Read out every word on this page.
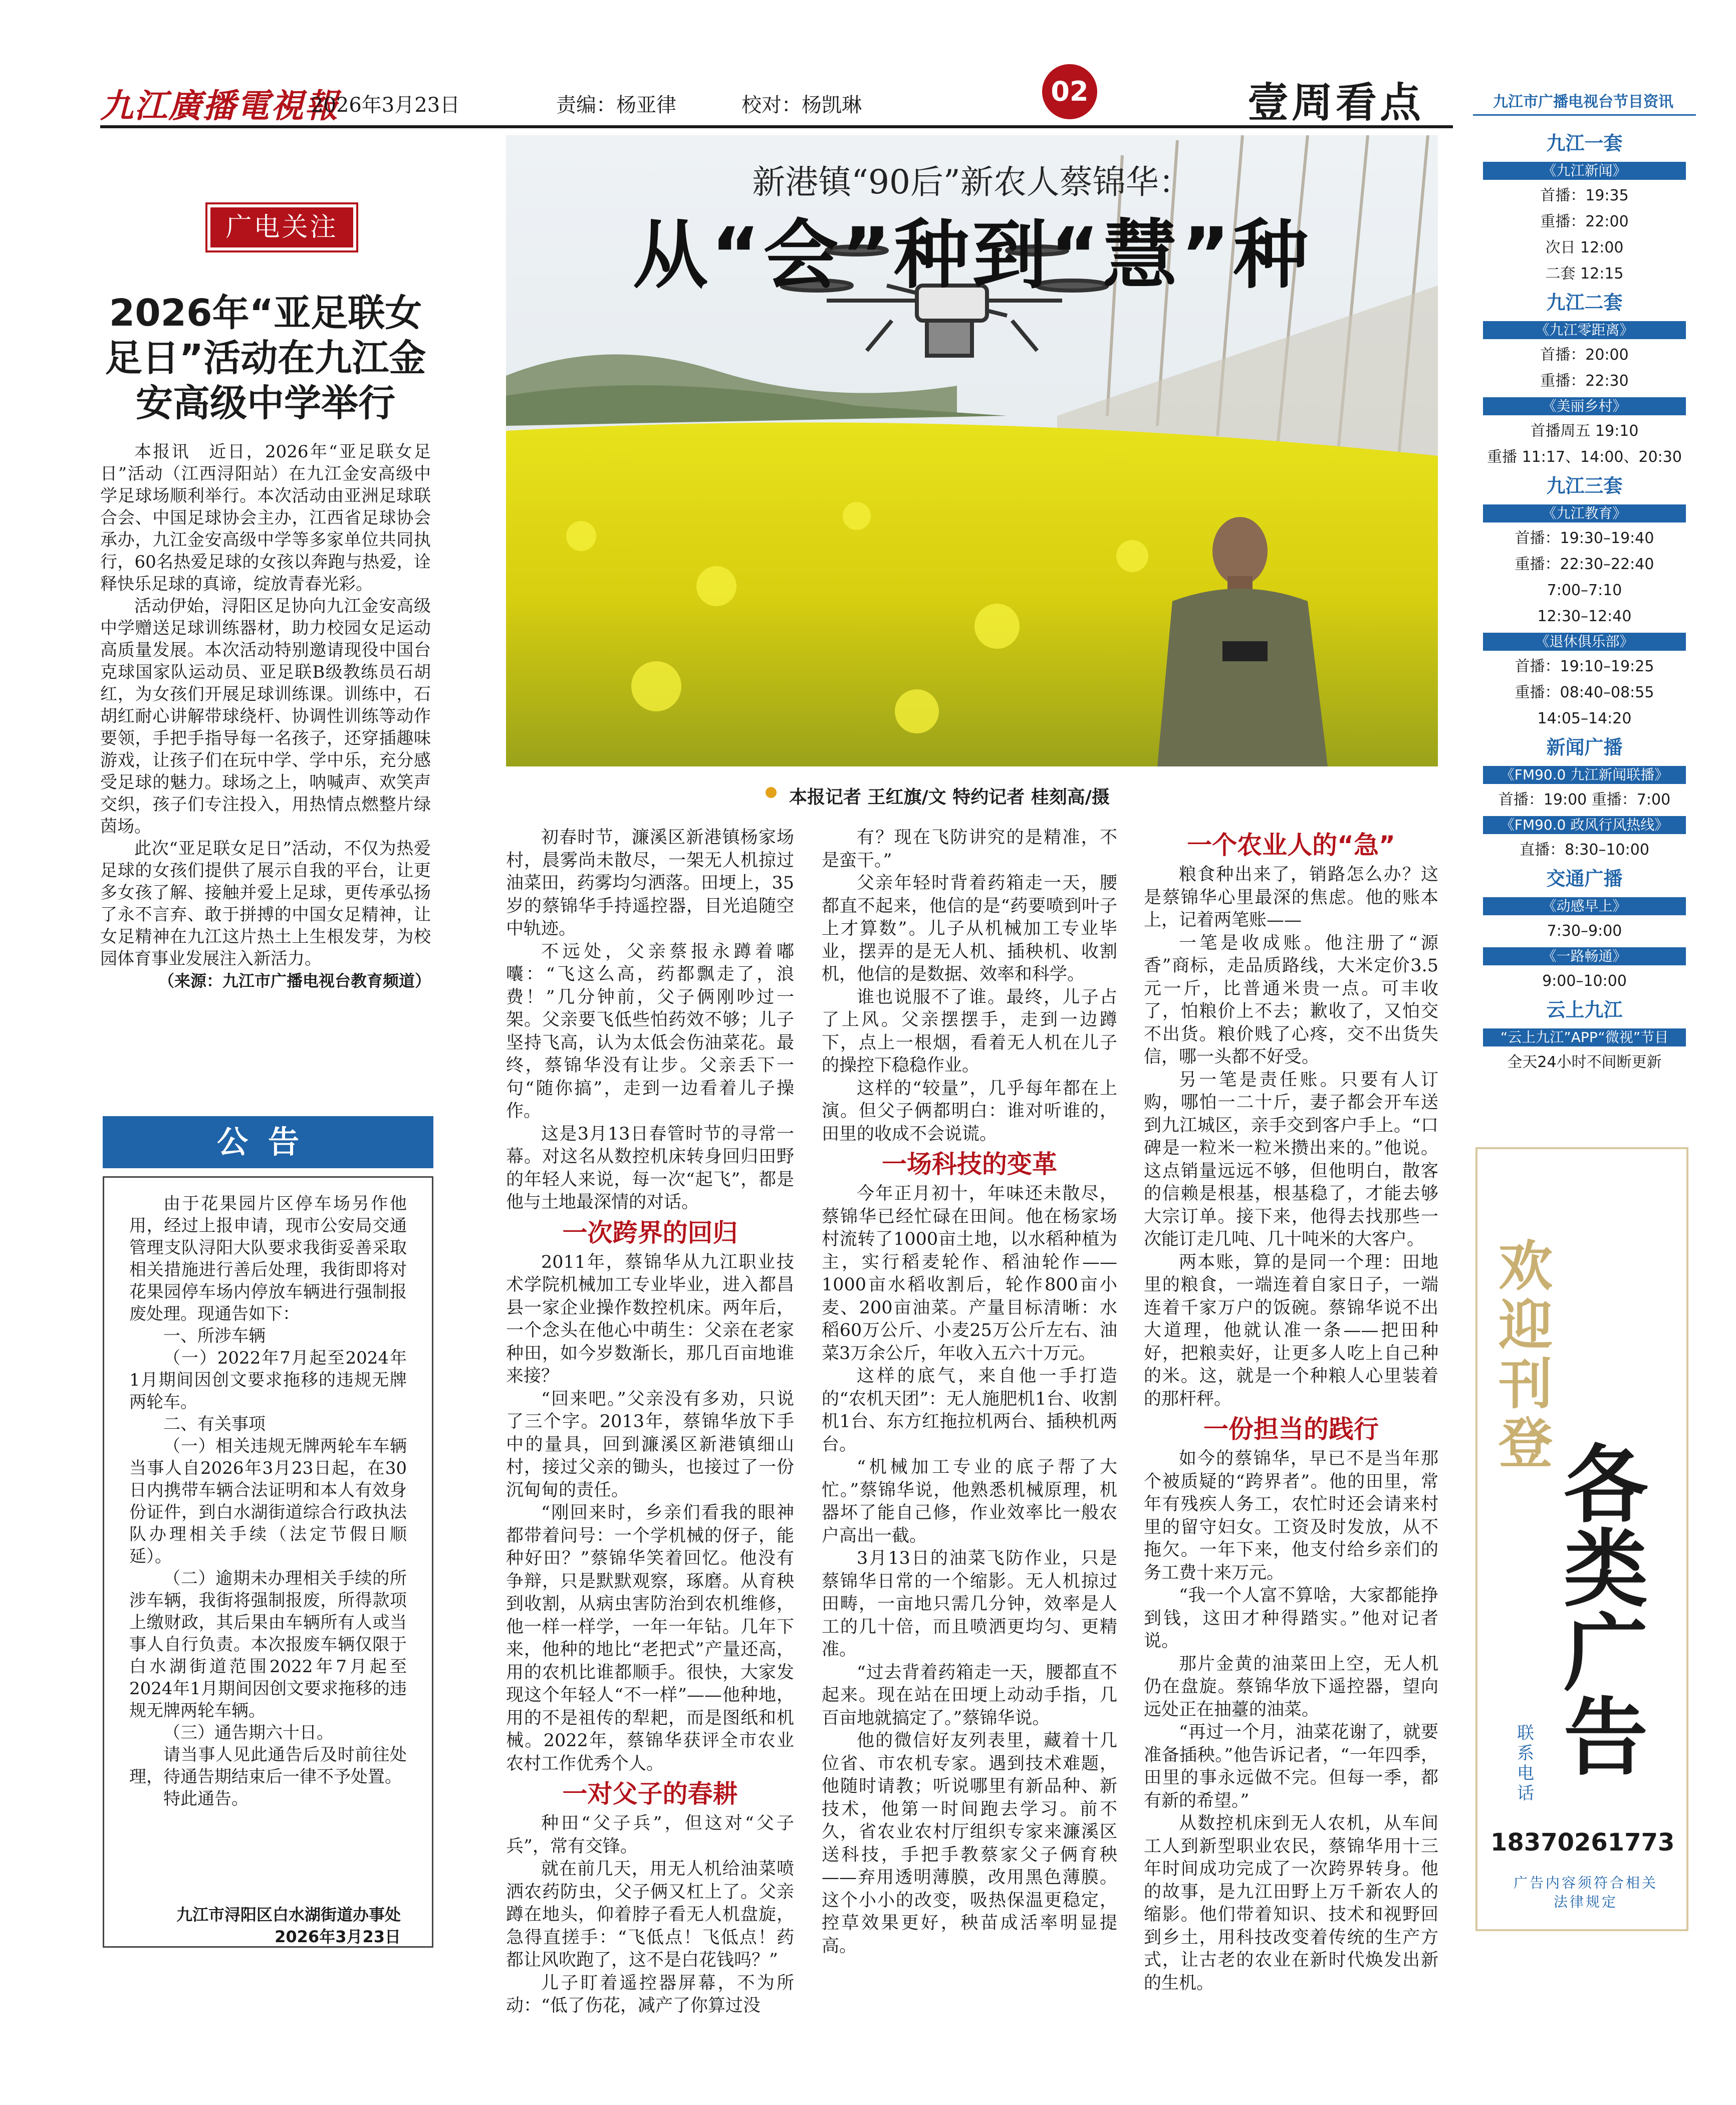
九江廣播電視報
2026年3月23日	责编：杨亚律	校对：杨凯琳	02	壹周看点
广电关注
2026年“亚足联女足日”活动在九江金安高级中学举行

本报讯　近日，2026年“亚足联女足日”活动（江西浔阳站）在九江金安高级中学足球场顺利举行。本次活动由亚洲足球联合会、中国足球协会主办，江西省足球协会承办，九江金安高级中学等多家单位共同执行，60名热爱足球的女孩以奔跑与热爱，诠释快乐足球的真谛，绽放青春光彩。

活动伊始，浔阳区足协向九江金安高级中学赠送足球训练器材，助力校园女足运动高质量发展。本次活动特别邀请现役中国台克球国家队运动员、亚足联B级教练员石胡红，为女孩们开展足球训练课。训练中，石胡红耐心讲解带球绕杆、协调性训练等动作要领，手把手指导每一名孩子，还穿插趣味游戏，让孩子们在玩中学、学中乐，充分感受足球的魅力。球场之上，呐喊声、欢笑声交织，孩子们专注投入，用热情点燃整片绿茵场。

此次“亚足联女足日”活动，不仅为热爱足球的女孩们提供了展示自我的平台，让更多女孩了解、接触并爱上足球，更传承弘扬了永不言弃、敢于拼搏的中国女足精神，让女足精神在九江这片热土上生根发芽，为校园体育事业发展注入新活力。

（来源：九江市广播电视台教育频道）

公告

由于花果园片区停车场另作他用，经过上报申请，现市公安局交通管理支队浔阳大队要求我街妥善采取相关措施进行善后处理，我街即将对花果园停车场内停放车辆进行强制报废处理。现通告如下：

一、所涉车辆

（一）2022年7月起至2024年1月期间因创文要求拖移的违规无牌两轮车。

二、有关事项

（一）相关违规无牌两轮车车辆当事人自2026年3月23日起，在30日内携带车辆合法证明和本人有效身份证件，到白水湖街道综合行政执法队办理相关手续（法定节假日顺延）。

（二）逾期未办理相关手续的所涉车辆，我街将强制报废，所得款项上缴财政，其后果由车辆所有人或当事人自行负责。本次报废车辆仅限于白水湖街道范围2022年7月起至2024年1月期间因创文要求拖移的违规无牌两轮车辆。

（三）通告期六十日。

请当事人见此通告后及时前往处理，待通告期结束后一律不予处置。

特此通告。

九江市浔阳区白水湖街道办事处
2026年3月23日
新港镇“90后”新农人蔡锦华：
从“会”种到“慧”种
本报记者 王红旗/文 特约记者 桂刻高/摄

初春时节，濂溪区新港镇杨家场村，晨雾尚未散尽，一架无人机掠过油菜田，药雾均匀洒落。田埂上，35岁的蔡锦华手持遥控器，目光追随空中轨迹。

不远处，父亲蔡报永蹲着嘟囔：“飞这么高，药都飘走了，浪费！”几分钟前，父子俩刚吵过一架。父亲要飞低些怕药效不够；儿子坚持飞高，认为太低会伤油菜花。最终，蔡锦华没有让步。父亲丢下一句“随你搞”，走到一边看着儿子操作。

这是3月13日春管时节的寻常一幕。对这名从数控机床转身回归田野的年轻人来说，每一次“起飞”，都是他与土地最深情的对话。

一次跨界的回归

2011年，蔡锦华从九江职业技术学院机械加工专业毕业，进入都昌县一家企业操作数控机床。两年后，一个念头在他心中萌生：父亲在老家种田，如今岁数渐长，那几百亩地谁来接？

“回来吧。”父亲没有多劝，只说了三个字。2013年，蔡锦华放下手中的量具，回到濂溪区新港镇细山村，接过父亲的锄头，也接过了一份沉甸甸的责任。

“刚回来时，乡亲们看我的眼神都带着问号：一个学机械的伢子，能种好田？”蔡锦华笑着回忆。他没有争辩，只是默默观察，琢磨。从育秧到收割，从病虫害防治到农机维修，他一样一样学，一年一年钻。几年下来，他种的地比“老把式”产量还高，用的农机比谁都顺手。很快，大家发现这个年轻人“不一样”——他种地，用的不是祖传的犁耙，而是图纸和机械。2022年，蔡锦华获评全市农业农村工作优秀个人。

一对父子的春耕

种田“父子兵”，但这对“父子兵”，常有交锋。

就在前几天，用无人机给油菜喷洒农药防虫，父子俩又杠上了。父亲蹲在地头，仰着脖子看无人机盘旋，急得直搓手：“飞低点！飞低点！药都让风吹跑了，这不是白花钱吗？”

儿子盯着遥控器屏幕，不为所动：“低了伤花，减产了你算过没

有？现在飞防讲究的是精准，不是蛮干。”

父亲年轻时背着药箱走一天，腰都直不起来，他信的是“药要喷到叶子上才算数”。儿子从机械加工专业毕业，摆弄的是无人机、插秧机、收割机，他信的是数据、效率和科学。

谁也说服不了谁。最终，儿子占了上风。父亲摆摆手，走到一边蹲下，点上一根烟，看着无人机在儿子的操控下稳稳作业。

这样的“较量”，几乎每年都在上演。但父子俩都明白：谁对听谁的，田里的收成不会说谎。

一场科技的变革

今年正月初十，年味还未散尽，蔡锦华已经忙碌在田间。他在杨家场村流转了1000亩土地，以水稻种植为主，实行稻麦轮作、稻油轮作——1000亩水稻收割后，轮作800亩小麦、200亩油菜。产量目标清晰：水稻60万公斤、小麦25万公斤左右、油菜3万余公斤，年收入五六十万元。

这样的底气，来自他一手打造的“农机天团”：无人施肥机1台、收割机1台、东方红拖拉机两台、插秧机两台。

“机械加工专业的底子帮了大忙。”蔡锦华说，他熟悉机械原理，机器坏了能自己修，作业效率比一般农户高出一截。

3月13日的油菜飞防作业，只是蔡锦华日常的一个缩影。无人机掠过田畴，一亩地只需几分钟，效率是人工的几十倍，而且喷洒更均匀、更精准。

“过去背着药箱走一天，腰都直不起来。现在站在田埂上动动手指，几百亩地就搞定了。”蔡锦华说。

他的微信好友列表里，藏着十几位省、市农机专家。遇到技术难题，他随时请教；听说哪里有新品种、新技术，他第一时间跑去学习。前不久，省农业农村厅组织专家来濂溪区送科技，手把手教蔡家父子俩育秧——弃用透明薄膜，改用黑色薄膜。这个小小的改变，吸热保温更稳定，控草效果更好，秧苗成活率明显提高。

一个农业人的“急”

粮食种出来了，销路怎么办？这是蔡锦华心里最深的焦虑。他的账本上，记着两笔账——

一笔是收成账。他注册了“源香”商标，走品质路线，大米定价3.5元一斤，比普通米贵一点。可丰收了，怕粮价上不去；歉收了，又怕交不出货。粮价贱了心疼，交不出货失信，哪一头都不好受。

另一笔是责任账。只要有人订购，哪怕一二十斤，妻子都会开车送到九江城区，亲手交到客户手上。“口碑是一粒米一粒米攒出来的。”他说。这点销量远远不够，但他明白，散客的信赖是根基，根基稳了，才能去够大宗订单。接下来，他得去找那些一次能订走几吨、几十吨米的大客户。

两本账，算的是同一个理：田地里的粮食，一端连着自家日子，一端连着千家万户的饭碗。蔡锦华说不出大道理，他就认准一条——把田种好，把粮卖好，让更多人吃上自己种的米。这，就是一个种粮人心里装着的那杆秤。

一份担当的践行

如今的蔡锦华，早已不是当年那个被质疑的“跨界者”。他的田里，常年有残疾人务工，农忙时还会请来村里的留守妇女。工资及时发放，从不拖欠。一年下来，他支付给乡亲们的务工费十来万元。

“我一个人富不算啥，大家都能挣到钱，这田才种得踏实。”他对记者说。

那片金黄的油菜田上空，无人机仍在盘旋。蔡锦华放下遥控器，望向远处正在抽薹的油菜。

“再过一个月，油菜花谢了，就要准备插秧。”他告诉记者，“一年四季，田里的事永远做不完。但每一季，都有新的希望。”

从数控机床到无人农机，从车间工人到新型职业农民，蔡锦华用十三年时间成功完成了一次跨界转身。他的故事，是九江田野上万千新农人的缩影。他们带着知识、技术和视野回到乡土，用科技改变着传统的生产方式，让古老的农业在新时代焕发出新的生机。

九江市广播电视台节目资讯
九江一套
《九江新闻》
首播：19:35
重播：22:00
次日 12:00
二套 12:15
九江二套
《九江零距离》
首播：20:00
重播：22:30
《美丽乡村》
首播周五 19:10
重播 11:17、14:00、20:30
九江三套
《九江教育》
首播：19:30–19:40
重播：22:30–22:40
7:00–7:10
12:30–12:40
《退休俱乐部》
首播：19:10–19:25
重播：08:40–08:55
14:05–14:20
新闻广播
《FM90.0 九江新闻联播》
首播：19:00 重播：7:00
《FM90.0 政风行风热线》
直播：8:30–10:00
交通广播
《动感早上》
7:30–9:00
《一路畅通》
9:00–10:00
云上九江
“云上九江”APP“微视”节目
全天24小时不间断更新
欢迎刊登 各类广告
联系电话
18370261773
广告内容须符合相关法律规定
